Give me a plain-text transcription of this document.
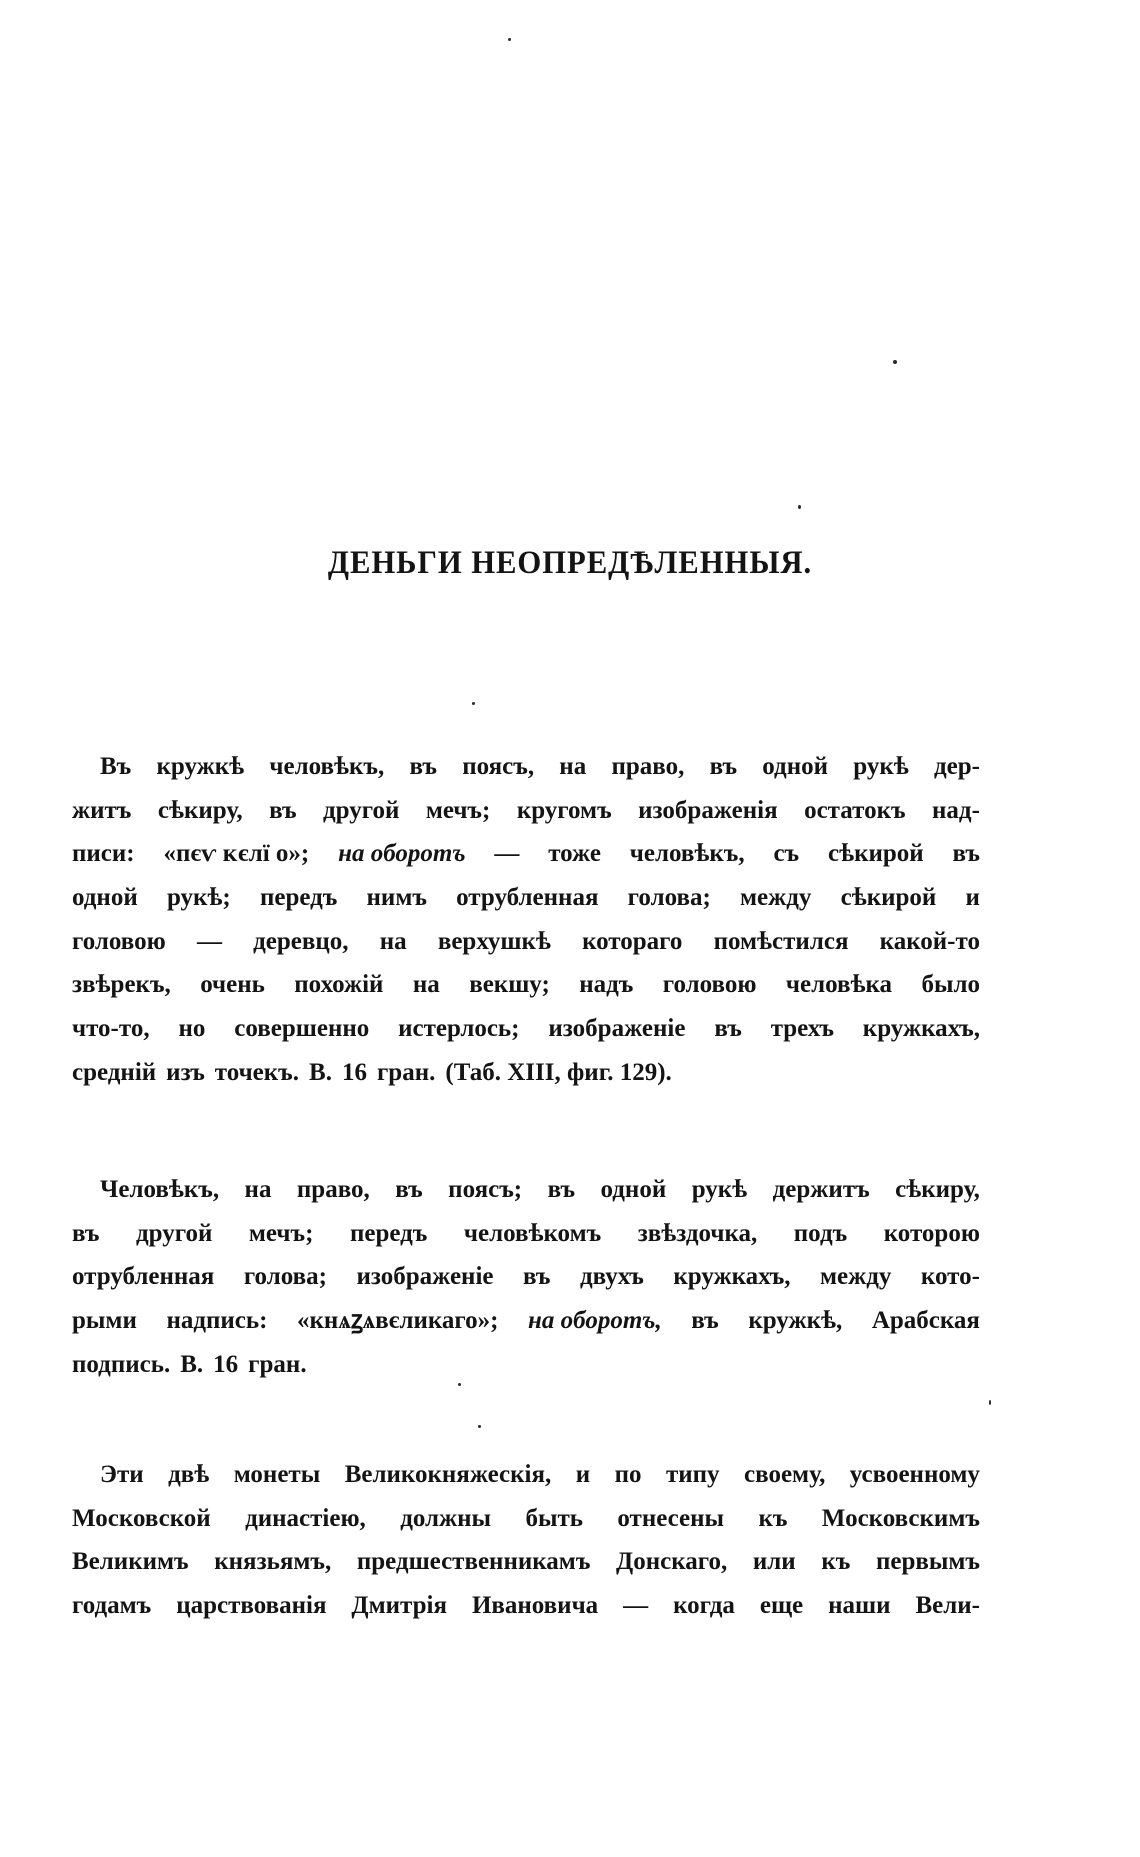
ДЕНЬГИ НЕОПРЕДѢЛЕННЫЯ.
Въ кружкѣ человѣкъ, въ поясъ, на право, въ одной рукѣ дер-
житъ сѣкиру, въ другой мечъ; кругомъ изображенія остатокъ над-
писи: «пєѵ ᴋєлї о»; на оборотъ — тоже человѣкъ, съ сѣкирой въ
одной рукѣ; передъ нимъ отрубленная голова; между сѣкирой и
головою — деревцо, на верхушкѣ котораго помѣстился какой-то
звѣрекъ, очень похожій на векшу; надъ головою человѣка было
что-то, но совершенно истерлось; изображеніе въ трехъ кружкахъ,
средній изъ точекъ. В. 16 гран. (Таб. XIII, фиг. 129).
Человѣкъ, на право, въ поясъ; въ одной рукѣ держитъ сѣкиру,
въ другой мечъ; передъ человѣкомъ звѣздочка, подъ которою
отрубленная голова; изображеніе въ двухъ кружкахъ, между кото-
рыми надпись: «кнѧꙁѧвєликаго»; на оборотъ, въ кружкѣ, Арабская
подпись. В. 16 гран.
Эти двѣ монеты Великокняжескія, и по типу своему, усвоенному
Московской династіею, должны быть отнесены къ Московскимъ
Великимъ князьямъ, предшественникамъ Донскаго, или къ первымъ
годамъ царствованія Дмитрія Ивановича — когда еще наши Вели-
